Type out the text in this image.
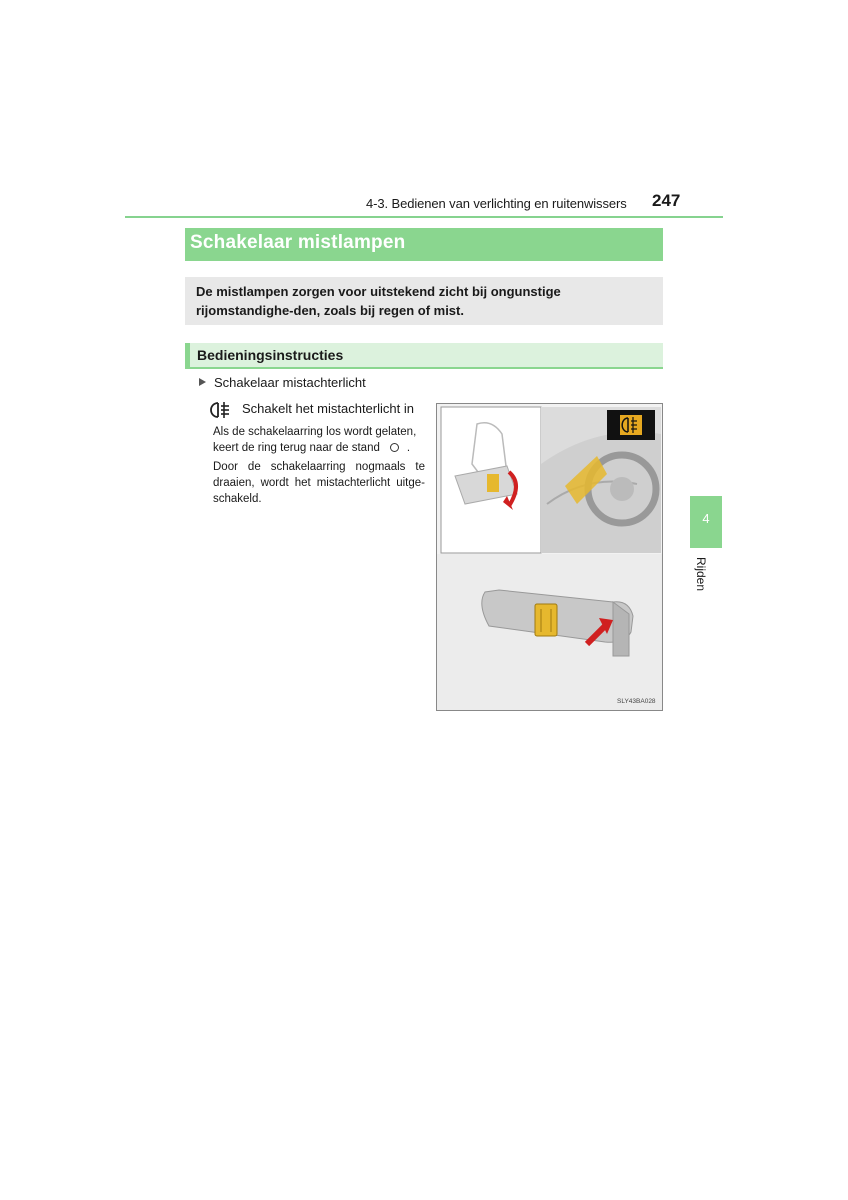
4-3. Bedienen van verlichting en ruitenwissers 247
Schakelaar mistlampen
De mistlampen zorgen voor uitstekend zicht bij ongunstige rijomstandighe-den, zoals bij regen of mist.
Bedieningsinstructies
Schakelaar mistachterlicht
Schakelt het mistachterlicht in
Als de schakelaarring los wordt gelaten, keert de ring terug naar de stand .
Door de schakelaarring nogmaals te draaien, wordt het mistachterlicht uitge-schakeld.
SLY43BA028
4
Rijden
